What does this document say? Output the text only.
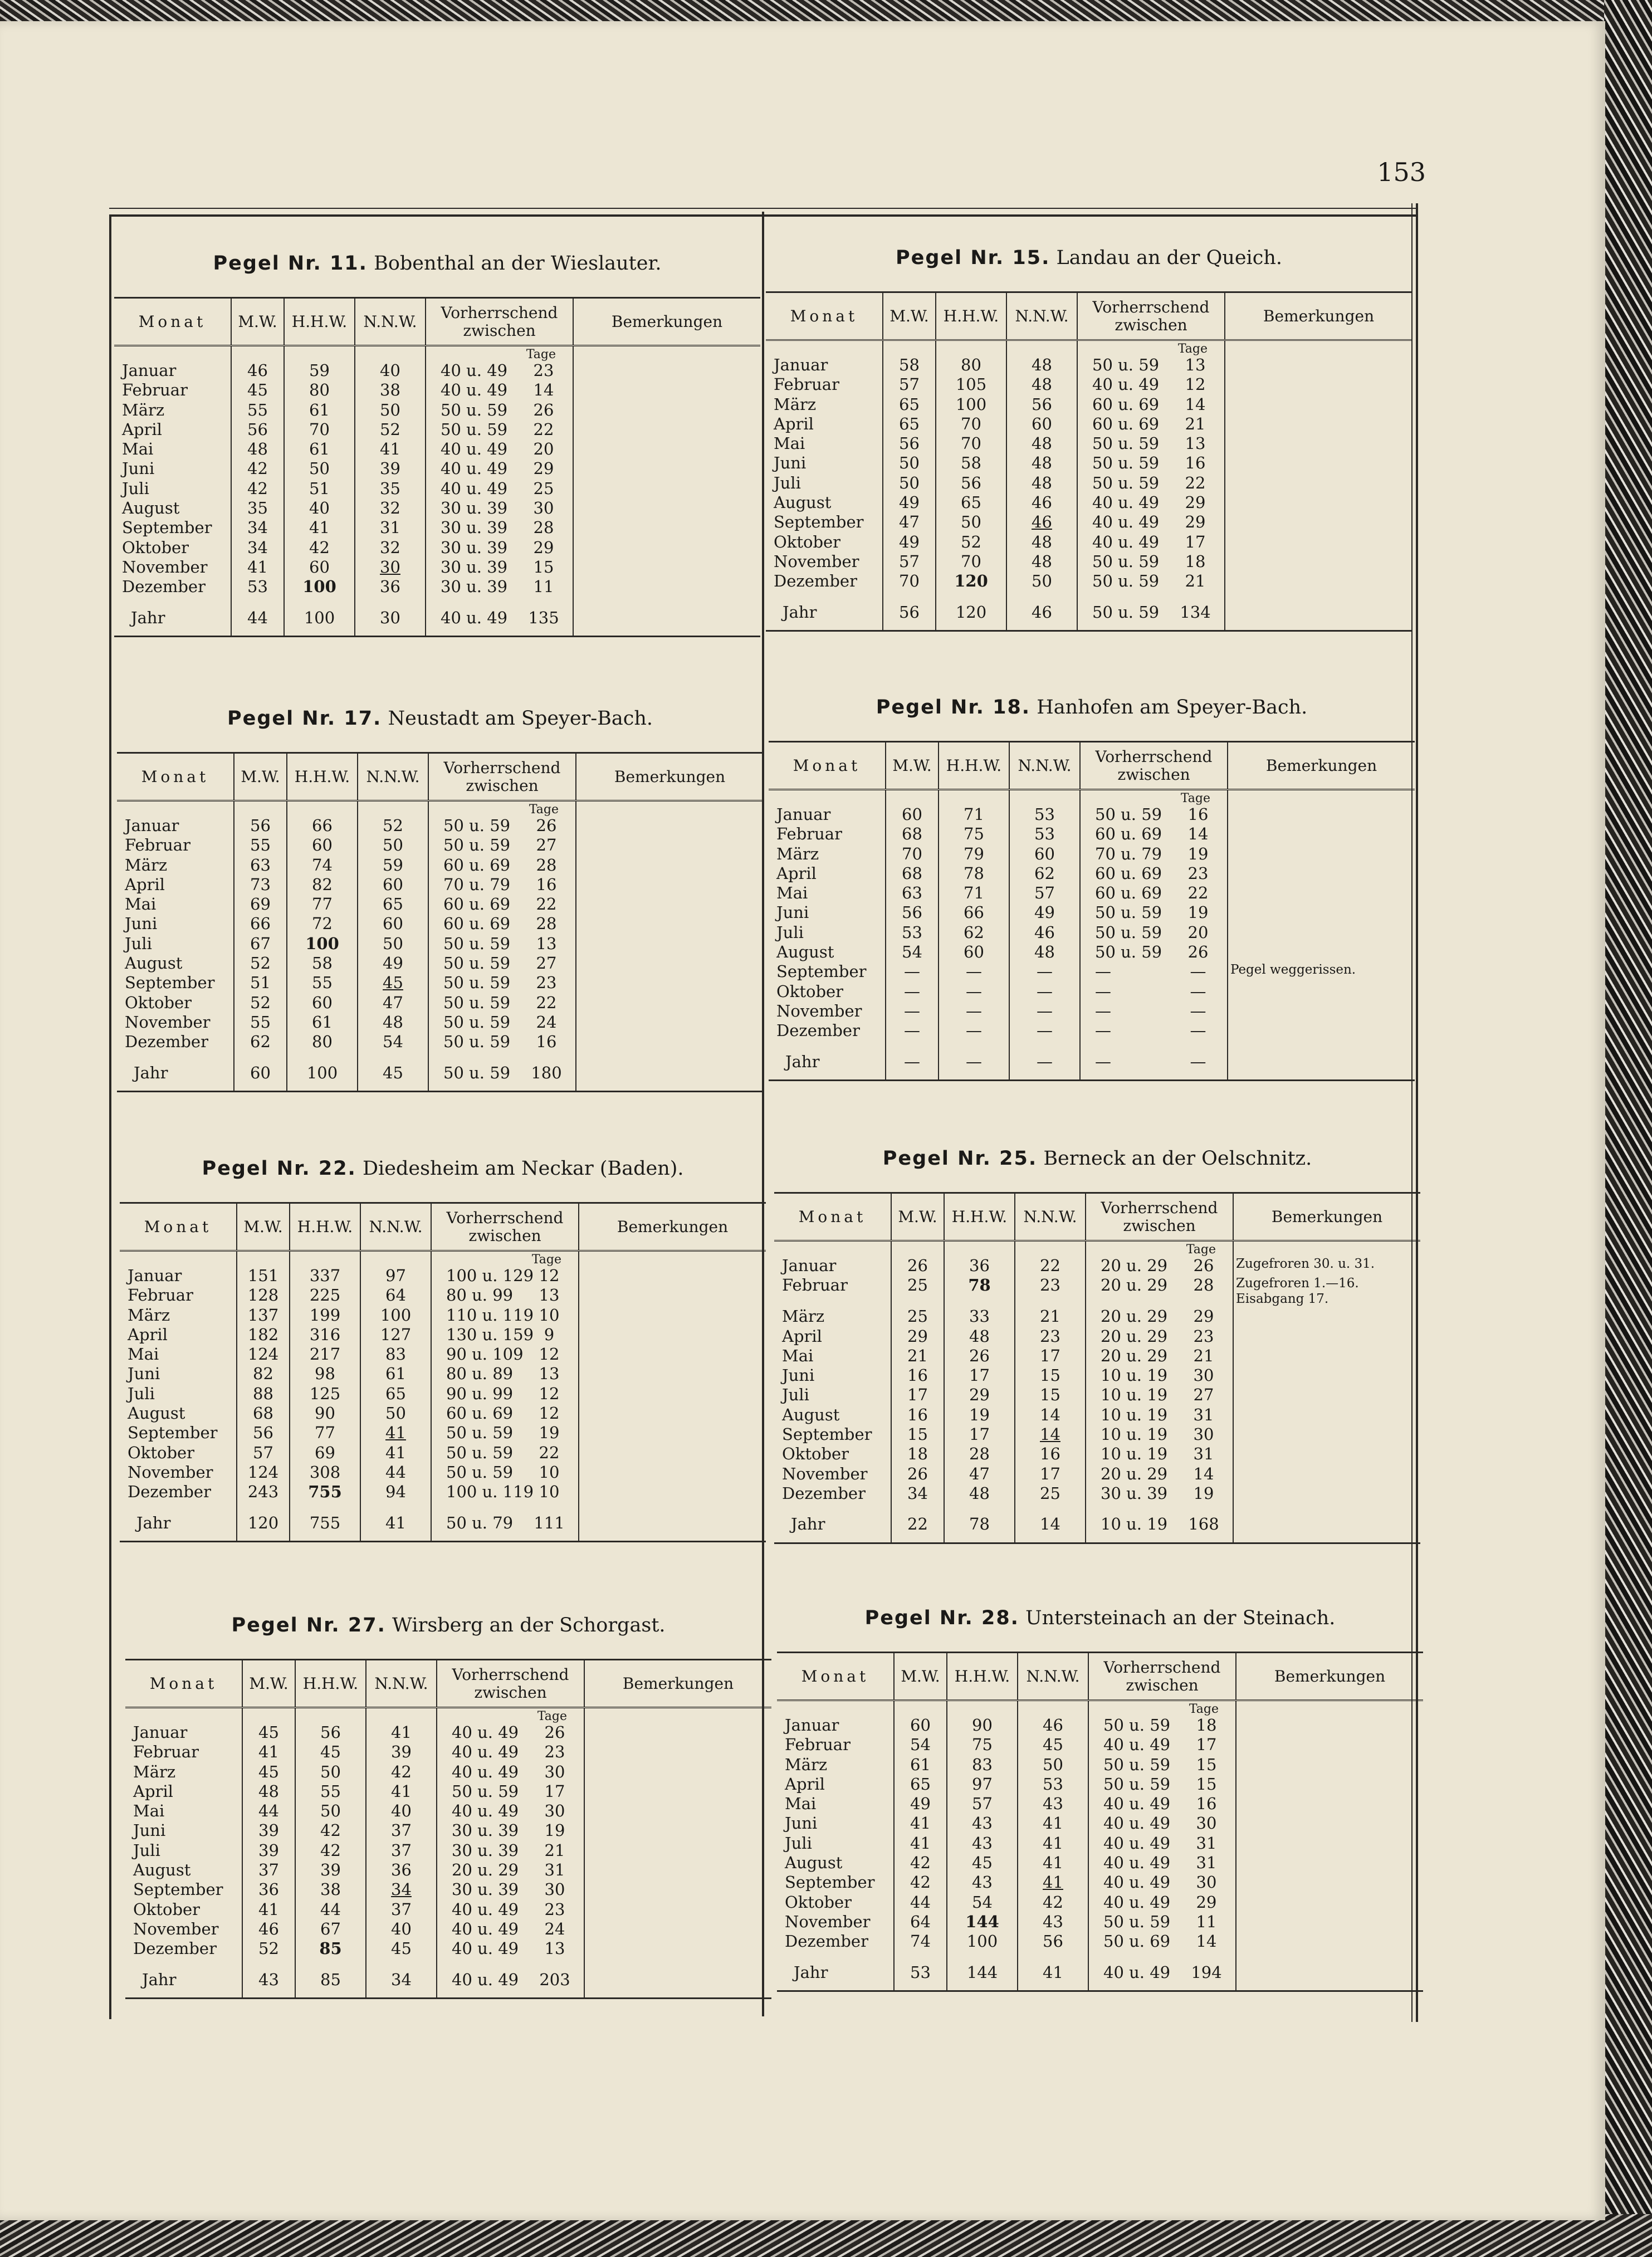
153
Pegel Nr. 11. Bobenthal an der Wieslauter.
Monat	M.W.	H.H.W.	N.N.W.	Vorherrschend zwischen	Bemerkungen
				Tage	
Januar	46	59	40	40 u. 49 23	
Februar	45	80	38	40 u. 49 14	
März	55	61	50	50 u. 59 26	
April	56	70	52	50 u. 59 22	
Mai	48	61	41	40 u. 49 20	
Juni	42	50	39	40 u. 49 29	
Juli	42	51	35	40 u. 49 25	
August	35	40	32	30 u. 39 30	
September	34	41	31	30 u. 39 28	
Oktober	34	42	32	30 u. 39 29	
November	41	60	30	30 u. 39 15	
Dezember	53	100	36	30 u. 39 11	
Jahr	44	100	30	40 u. 49 135	
Pegel Nr. 15. Landau an der Queich.
Monat	M.W.	H.H.W.	N.N.W.	Vorherrschend zwischen	Bemerkungen
				Tage	
Januar	58	80	48	50 u. 59 13	
Februar	57	105	48	40 u. 49 12	
März	65	100	56	60 u. 69 14	
April	65	70	60	60 u. 69 21	
Mai	56	70	48	50 u. 59 13	
Juni	50	58	48	50 u. 59 16	
Juli	50	56	48	50 u. 59 22	
August	49	65	46	40 u. 49 29	
September	47	50	46	40 u. 49 29	
Oktober	49	52	48	40 u. 49 17	
November	57	70	48	50 u. 59 18	
Dezember	70	120	50	50 u. 59 21	
Jahr	56	120	46	50 u. 59 134	
Pegel Nr. 17. Neustadt am Speyer-Bach.
Monat	M.W.	H.H.W.	N.N.W.	Vorherrschend zwischen	Bemerkungen
				Tage	
Januar	56	66	52	50 u. 59 26	
Februar	55	60	50	50 u. 59 27	
März	63	74	59	60 u. 69 28	
April	73	82	60	70 u. 79 16	
Mai	69	77	65	60 u. 69 22	
Juni	66	72	60	60 u. 69 28	
Juli	67	100	50	50 u. 59 13	
August	52	58	49	50 u. 59 27	
September	51	55	45	50 u. 59 23	
Oktober	52	60	47	50 u. 59 22	
November	55	61	48	50 u. 59 24	
Dezember	62	80	54	50 u. 59 16	
Jahr	60	100	45	50 u. 59 180	
Pegel Nr. 18. Hanhofen am Speyer-Bach.
Monat	M.W.	H.H.W.	N.N.W.	Vorherrschend zwischen	Bemerkungen
				Tage	
Januar	60	71	53	50 u. 59 16	
Februar	68	75	53	60 u. 69 14	
März	70	79	60	70 u. 79 19	
April	68	78	62	60 u. 69 23	
Mai	63	71	57	60 u. 69 22	
Juni	56	66	49	50 u. 59 19	
Juli	53	62	46	50 u. 59 20	
August	54	60	48	50 u. 59 26	
September	—	—	—	— —	Pegel weggerissen.
Oktober	—	—	—	— —	
November	—	—	—	— —	
Dezember	—	—	—	— —	
Jahr	—	—	—	— —	
Pegel Nr. 22. Diedesheim am Neckar (Baden).
Monat	M.W.	H.H.W.	N.N.W.	Vorherrschend zwischen	Bemerkungen
				Tage	
Januar	151	337	97	100 u. 129 12	
Februar	128	225	64	80 u. 99 13	
März	137	199	100	110 u. 119 10	
April	182	316	127	130 u. 159 9	
Mai	124	217	83	90 u. 109 12	
Juni	82	98	61	80 u. 89 13	
Juli	88	125	65	90 u. 99 12	
August	68	90	50	60 u. 69 12	
September	56	77	41	50 u. 59 19	
Oktober	57	69	41	50 u. 59 22	
November	124	308	44	50 u. 59 10	
Dezember	243	755	94	100 u. 119 10	
Jahr	120	755	41	50 u. 79 111	
Pegel Nr. 25. Berneck an der Oelschnitz.
Monat	M.W.	H.H.W.	N.N.W.	Vorherrschend zwischen	Bemerkungen
				Tage	
Januar	26	36	22	20 u. 29 26	Zugefroren 30. u. 31.
Februar	25	78	23	20 u. 29 28	Zugefroren 1.—16. Eisabgang 17.
März	25	33	21	20 u. 29 29	
April	29	48	23	20 u. 29 23	
Mai	21	26	17	20 u. 29 21	
Juni	16	17	15	10 u. 19 30	
Juli	17	29	15	10 u. 19 27	
August	16	19	14	10 u. 19 31	
September	15	17	14	10 u. 19 30	
Oktober	18	28	16	10 u. 19 31	
November	26	47	17	20 u. 29 14	
Dezember	34	48	25	30 u. 39 19	
Jahr	22	78	14	10 u. 19 168	
Pegel Nr. 27. Wirsberg an der Schorgast.
Monat	M.W.	H.H.W.	N.N.W.	Vorherrschend zwischen	Bemerkungen
				Tage	
Januar	45	56	41	40 u. 49 26	
Februar	41	45	39	40 u. 49 23	
März	45	50	42	40 u. 49 30	
April	48	55	41	50 u. 59 17	
Mai	44	50	40	40 u. 49 30	
Juni	39	42	37	30 u. 39 19	
Juli	39	42	37	30 u. 39 21	
August	37	39	36	20 u. 29 31	
September	36	38	34	30 u. 39 30	
Oktober	41	44	37	40 u. 49 23	
November	46	67	40	40 u. 49 24	
Dezember	52	85	45	40 u. 49 13	
Jahr	43	85	34	40 u. 49 203	
Pegel Nr. 28. Untersteinach an der Steinach.
Monat	M.W.	H.H.W.	N.N.W.	Vorherrschend zwischen	Bemerkungen
				Tage	
Januar	60	90	46	50 u. 59 18	
Februar	54	75	45	40 u. 49 17	
März	61	83	50	50 u. 59 15	
April	65	97	53	50 u. 59 15	
Mai	49	57	43	40 u. 49 16	
Juni	41	43	41	40 u. 49 30	
Juli	41	43	41	40 u. 49 31	
August	42	45	41	40 u. 49 31	
September	42	43	41	40 u. 49 30	
Oktober	44	54	42	40 u. 49 29	
November	64	144	43	50 u. 59 11	
Dezember	74	100	56	50 u. 69 14	
Jahr	53	144	41	40 u. 49 194	
